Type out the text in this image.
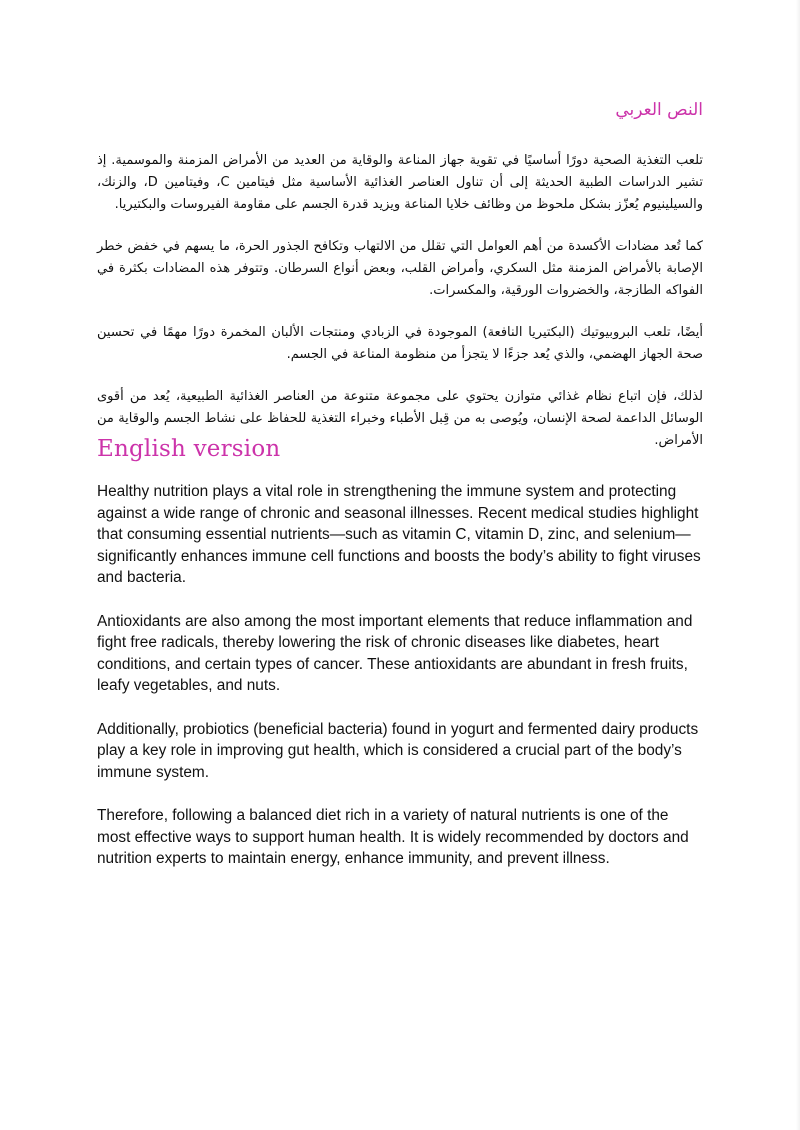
النص العربي

تلعب التغذية الصحية دورًا أساسيًا في تقوية جهاز المناعة والوقاية من العديد من الأمراض المزمنة والموسمية. إذ تشير الدراسات الطبية الحديثة إلى أن تناول العناصر الغذائية الأساسية مثل فيتامين C، وفيتامين D، والزنك، والسيلينيوم يُعزّز بشكل ملحوظ من وظائف خلايا المناعة ويزيد قدرة الجسم على مقاومة الفيروسات والبكتيريا.

كما تُعد مضادات الأكسدة من أهم العوامل التي تقلل من الالتهاب وتكافح الجذور الحرة، ما يسهم في خفض خطر الإصابة بالأمراض المزمنة مثل السكري، وأمراض القلب، وبعض أنواع السرطان. وتتوفر هذه المضادات بكثرة في الفواكه الطازجة، والخضروات الورقية، والمكسرات.

أيضًا، تلعب البروبيوتيك (البكتيريا النافعة) الموجودة في الزبادي ومنتجات الألبان المخمرة دورًا مهمًا في تحسين صحة الجهاز الهضمي، والذي يُعد جزءًا لا يتجزأ من منظومة المناعة في الجسم.

لذلك، فإن اتباع نظام غذائي متوازن يحتوي على مجموعة متنوعة من العناصر الغذائية الطبيعية، يُعد من أقوى الوسائل الداعمة لصحة الإنسان، ويُوصى به من قِبل الأطباء وخبراء التغذية للحفاظ على نشاط الجسم والوقاية من الأمراض.

English version

Healthy nutrition plays a vital role in strengthening the immune system and protecting against a wide range of chronic and seasonal illnesses. Recent medical studies highlight that consuming essential nutrients—such as vitamin C, vitamin D, zinc, and selenium—significantly enhances immune cell functions and boosts the body’s ability to fight viruses and bacteria.

Antioxidants are also among the most important elements that reduce inflammation and fight free radicals, thereby lowering the risk of chronic diseases like diabetes, heart conditions, and certain types of cancer. These antioxidants are abundant in fresh fruits, leafy vegetables, and nuts.

Additionally, probiotics (beneficial bacteria) found in yogurt and fermented dairy products play a key role in improving gut health, which is considered a crucial part of the body’s immune system.

Therefore, following a balanced diet rich in a variety of natural nutrients is one of the most effective ways to support human health. It is widely recommended by doctors and nutrition experts to maintain energy, enhance immunity, and prevent illness.
